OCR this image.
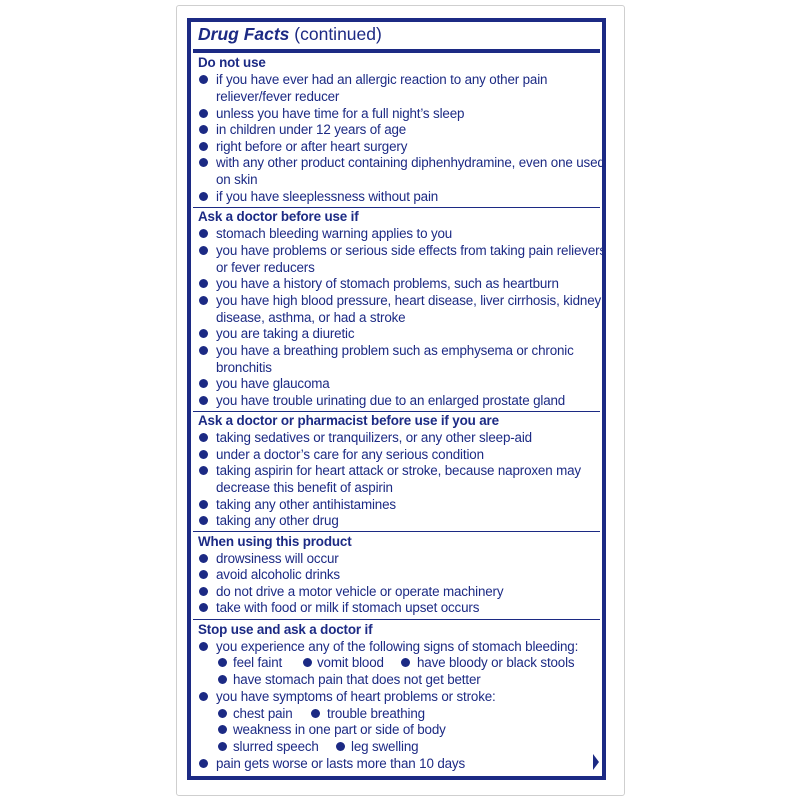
Drug Facts (continued)
Do not use
if you have ever had an allergic reaction to any other pain
reliever/fever reducer
unless you have time for a full night’s sleep
in children under 12 years of age
right before or after heart surgery
with any other product containing diphenhydramine, even one used
on skin
if you have sleeplessness without pain
Ask a doctor before use if
stomach bleeding warning applies to you
you have problems or serious side effects from taking pain relievers
or fever reducers
you have a history of stomach problems, such as heartburn
you have high blood pressure, heart disease, liver cirrhosis, kidney
disease, asthma, or had a stroke
you are taking a diuretic
you have a breathing problem such as emphysema or chronic
bronchitis
you have glaucoma
you have trouble urinating due to an enlarged prostate gland
Ask a doctor or pharmacist before use if you are
taking sedatives or tranquilizers, or any other sleep-aid
under a doctor’s care for any serious condition
taking aspirin for heart attack or stroke, because naproxen may
decrease this benefit of aspirin
taking any other antihistamines
taking any other drug
When using this product
drowsiness will occur
avoid alcoholic drinks
do not drive a motor vehicle or operate machinery
take with food or milk if stomach upset occurs
Stop use and ask a doctor if
you experience any of the following signs of stomach bleeding:
feel faint	vomit blood have bloody or black stools
have stomach pain that does not get better
you have symptoms of heart problems or stroke:
chest pain	trouble breathing
weakness in one part or side of body
slurred speech leg swelling
pain gets worse or lasts more than 10 days
